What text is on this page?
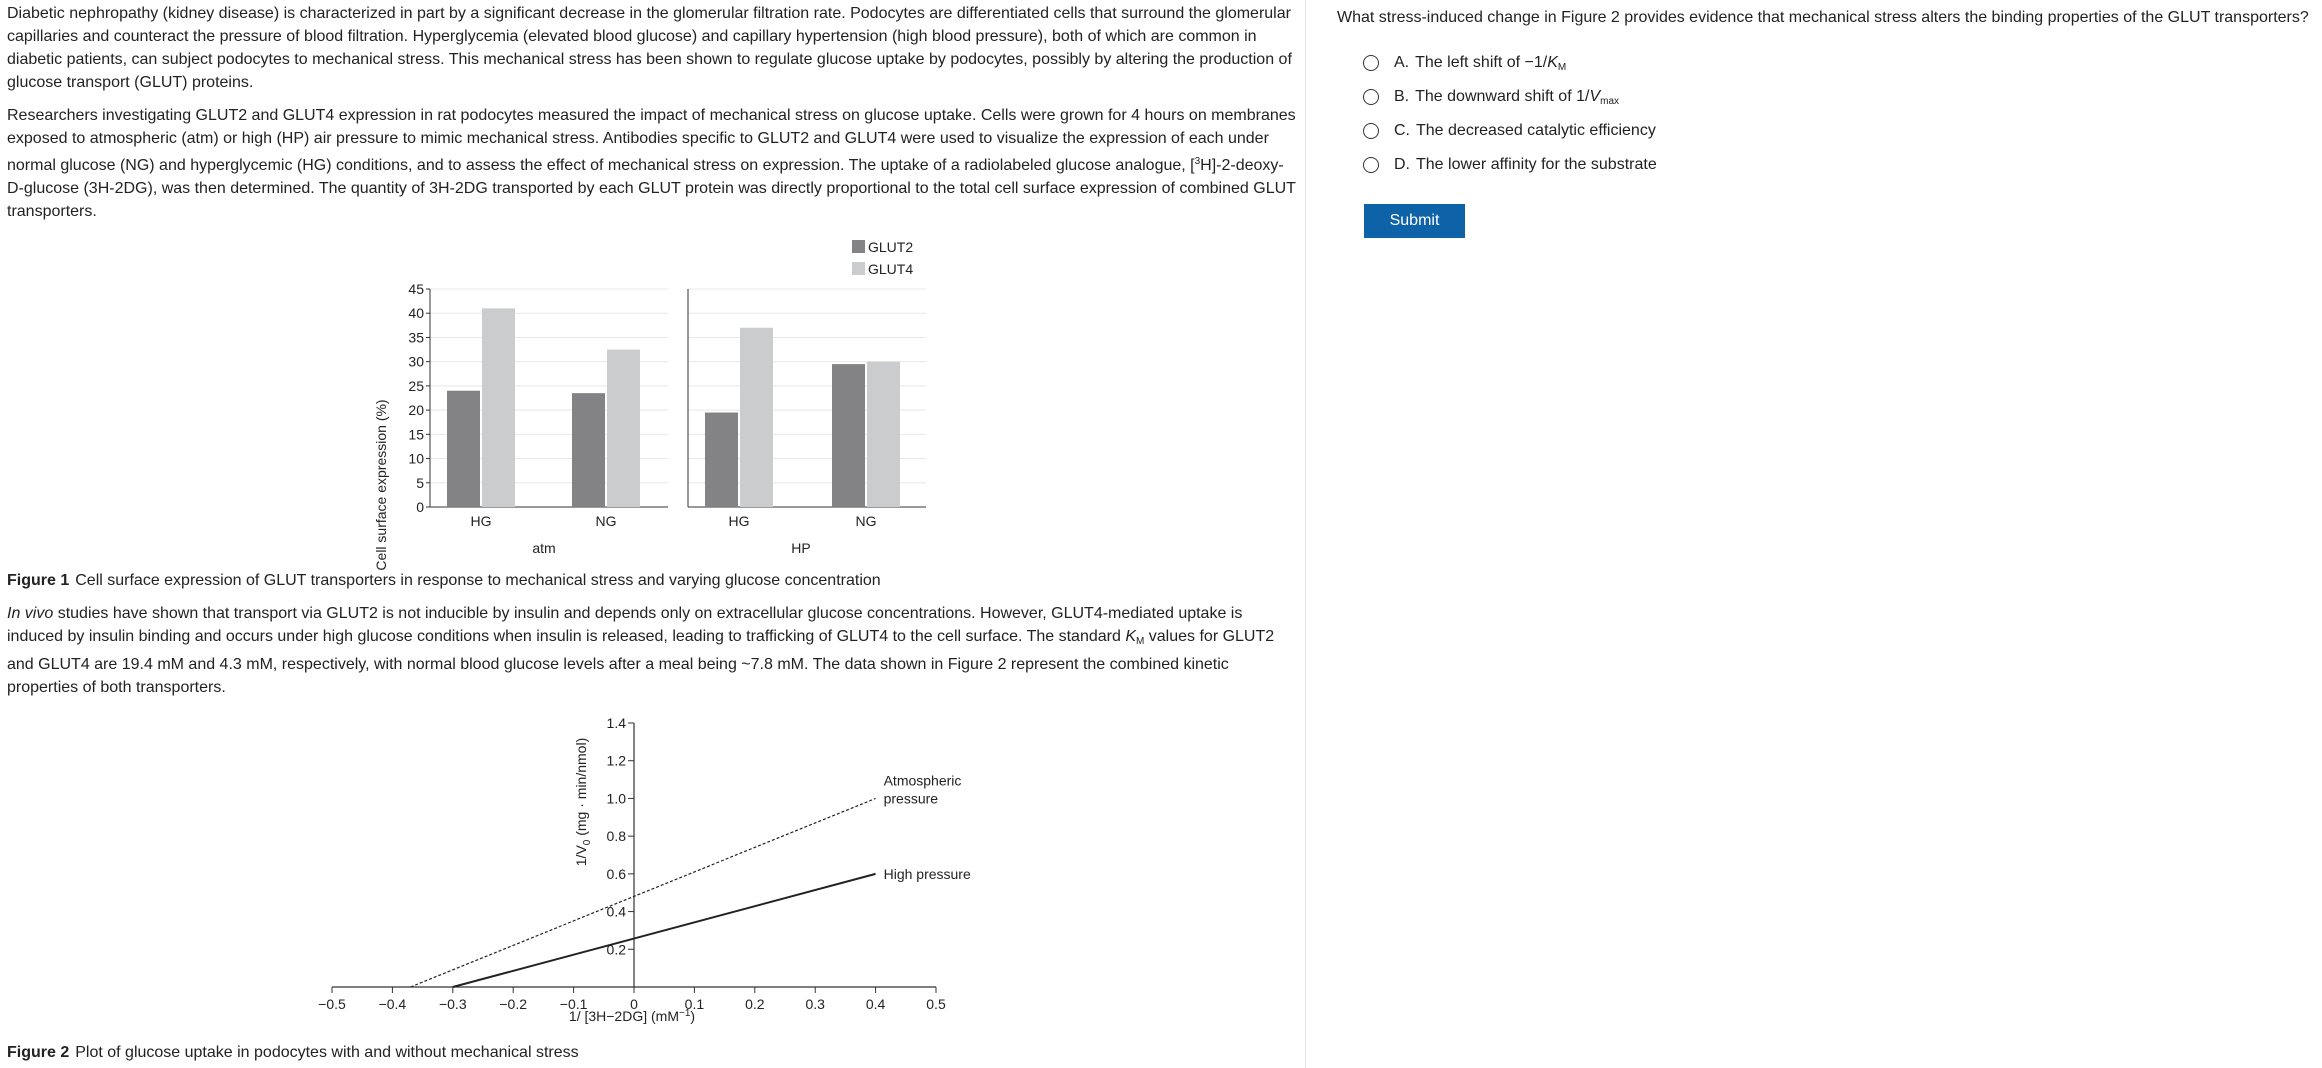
Diabetic nephropathy (kidney disease) is characterized in part by a significant decrease in the glomerular filtration rate. Podocytes are differentiated cells that surround the glomerular capillaries and counteract the pressure of blood filtration. Hyperglycemia (elevated blood glucose) and capillary hypertension (high blood pressure), both of which are common in diabetic patients, can subject podocytes to mechanical stress. This mechanical stress has been shown to regulate glucose uptake by podocytes, possibly by altering the production of glucose transport (GLUT) proteins.

Researchers investigating GLUT2 and GLUT4 expression in rat podocytes measured the impact of mechanical stress on glucose uptake. Cells were grown for 4 hours on membranes exposed to atmospheric (atm) or high (HP) air pressure to mimic mechanical stress. Antibodies specific to GLUT2 and GLUT4 were used to visualize the expression of each under normal glucose (NG) and hyperglycemic (HG) conditions, and to assess the effect of mechanical stress on expression. The uptake of a radiolabeled glucose analogue, [$^3$H]-2-deoxy-D-glucose (3H-2DG), was then determined. The quantity of 3H-2DG transported by each GLUT protein was directly proportional to the total cell surface expression of combined GLUT transporters.

0
5
10
15
20
25
30
35
40
45
HG	NG	HG	NG
atm	HP
GLUT2
GLUT4
Cell surface expression (%)

Figure 1 Cell surface expression of GLUT transporters in response to mechanical stress and varying glucose concentration

In vivo studies have shown that transport via GLUT2 is not inducible by insulin and depends only on extracellular glucose concentrations. However, GLUT4-mediated uptake is induced by insulin binding and occurs under high glucose conditions when insulin is released, leading to trafficking of GLUT4 to the cell surface. The standard $K_M$ values for GLUT2 and GLUT4 are 19.4 mM and 4.3 mM, respectively, with normal blood glucose levels after a meal being ~7.8 mM. The data shown in Figure 2 represent the combined kinetic properties of both transporters.

−0.5 −0.4 −0.3 −0.2 −0.1	0	0.1	0.2	0.3	0.4	0.5
0.2
0.4
0.6
0.8
1.0
1.2
1.4
Atmospheric
pressure
High pressure
1/ [3H−2DG] $(mM^{-1})$
$1/V_0$ (mg · min/nmol)

Figure 2 Plot of glucose uptake in podocytes with and without mechanical stress

What stress-induced change in Figure 2 provides evidence that mechanical stress alters the binding properties of the GLUT transporters?

A. The left shift of $-1/K_M$
B. The downward shift of $1/V_{max}$
C. The decreased catalytic efficiency
D. The lower affinity for the substrate
Submit
